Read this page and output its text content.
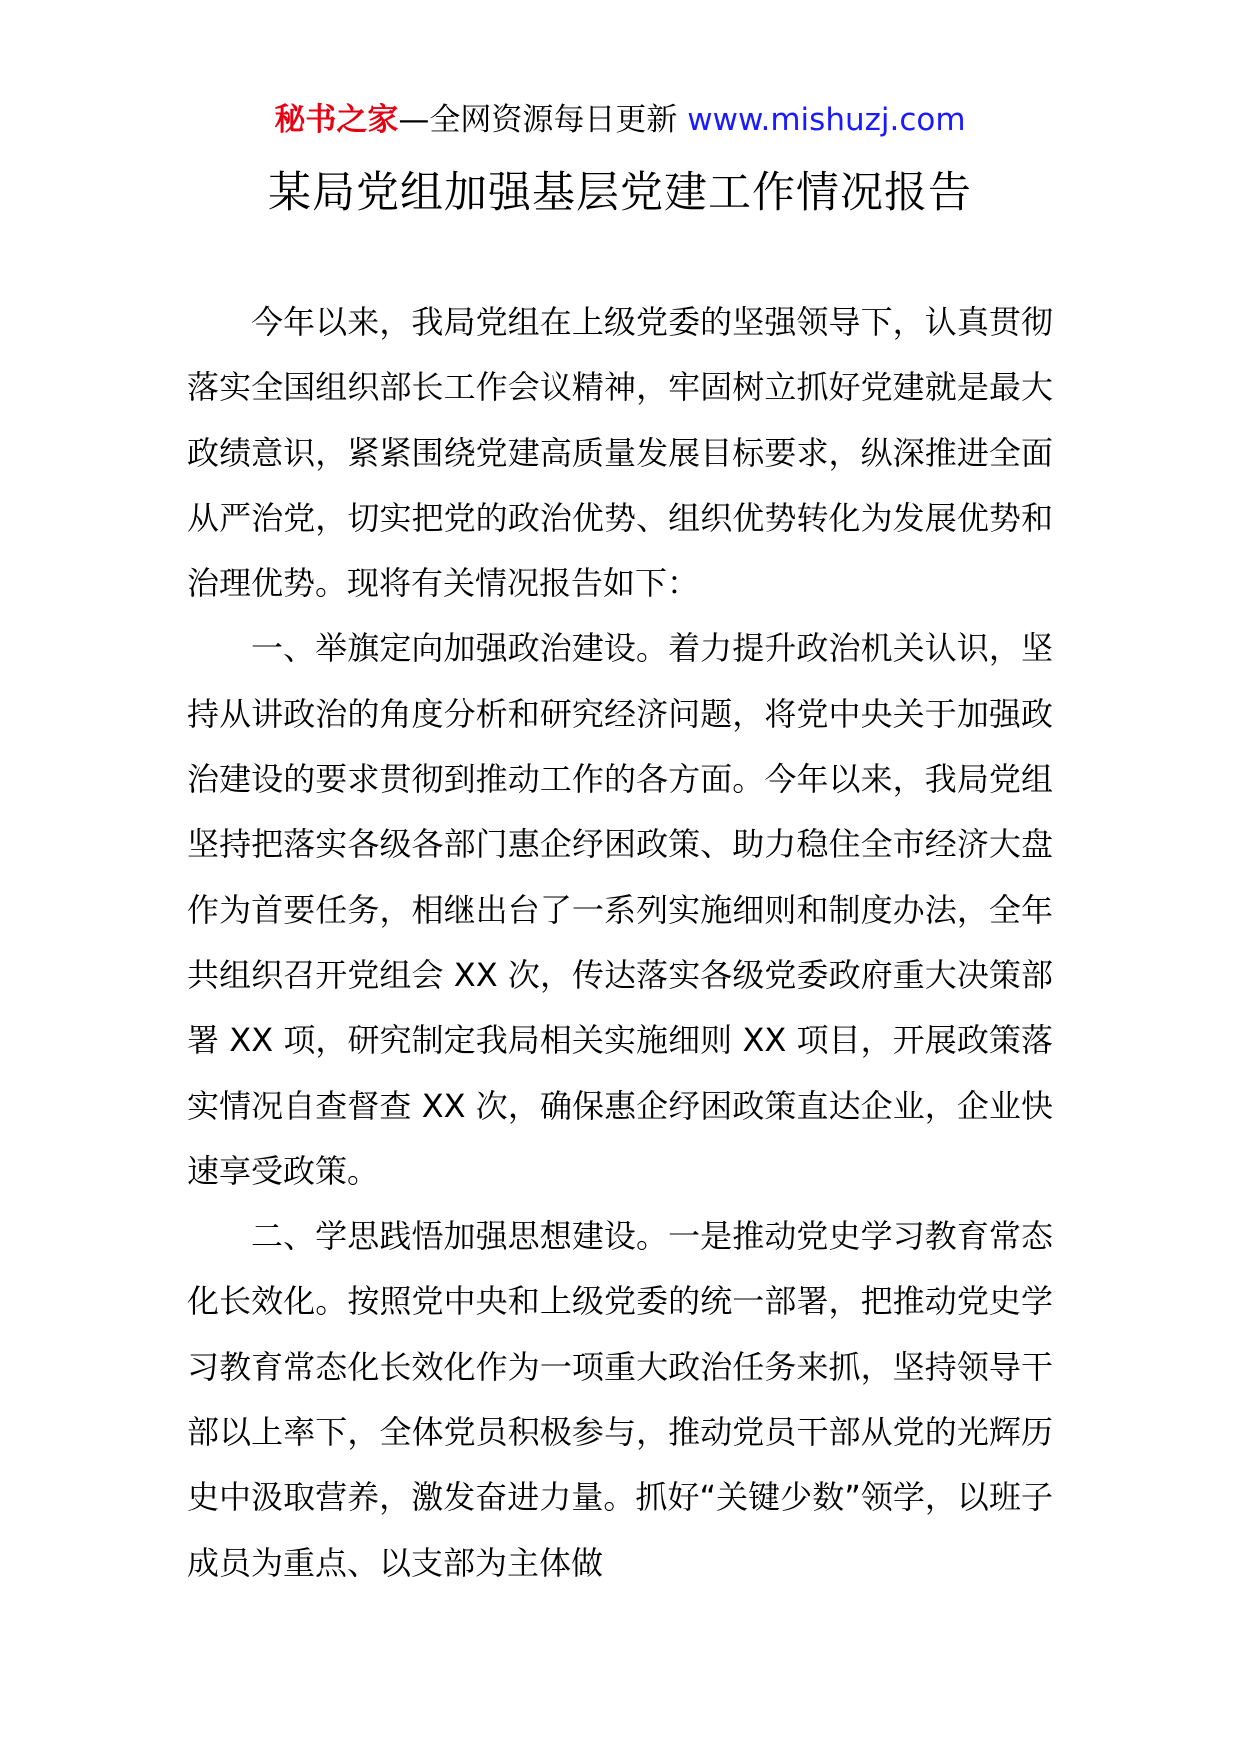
秘书之家—全网资源每日更新 www.mishuzj.com
某局党组加强基层党建工作情况报告

今年以来，我局党组在上级党委的坚强领导下，认真贯彻落实全国组织部长工作会议精神，牢固树立抓好党建就是最大政绩意识，紧紧围绕党建高质量发展目标要求，纵深推进全面从严治党，切实把党的政治优势、组织优势转化为发展优势和治理优势。现将有关情况报告如下：

一、举旗定向加强政治建设。着力提升政治机关认识，坚持从讲政治的角度分析和研究经济问题，将党中央关于加强政治建设的要求贯彻到推动工作的各方面。今年以来，我局党组坚持把落实各级各部门惠企纾困政策、助力稳住全市经济大盘作为首要任务，相继出台了一系列实施细则和制度办法，全年共组织召开党组会 XX 次，传达落实各级党委政府重大决策部署 XX 项，研究制定我局相关实施细则 XX 项目，开展政策落实情况自查督查 XX 次，确保惠企纾困政策直达企业，企业快速享受政策。

二、学思践悟加强思想建设。一是推动党史学习教育常态化长效化。按照党中央和上级党委的统一部署，把推动党史学习教育常态化长效化作为一项重大政治任务来抓，坚持领导干部以上率下，全体党员积极参与，推动党员干部从党的光辉历史中汲取营养，激发奋进力量。抓好“关键少数”领学，以班子成员为重点、以支部为主体做
